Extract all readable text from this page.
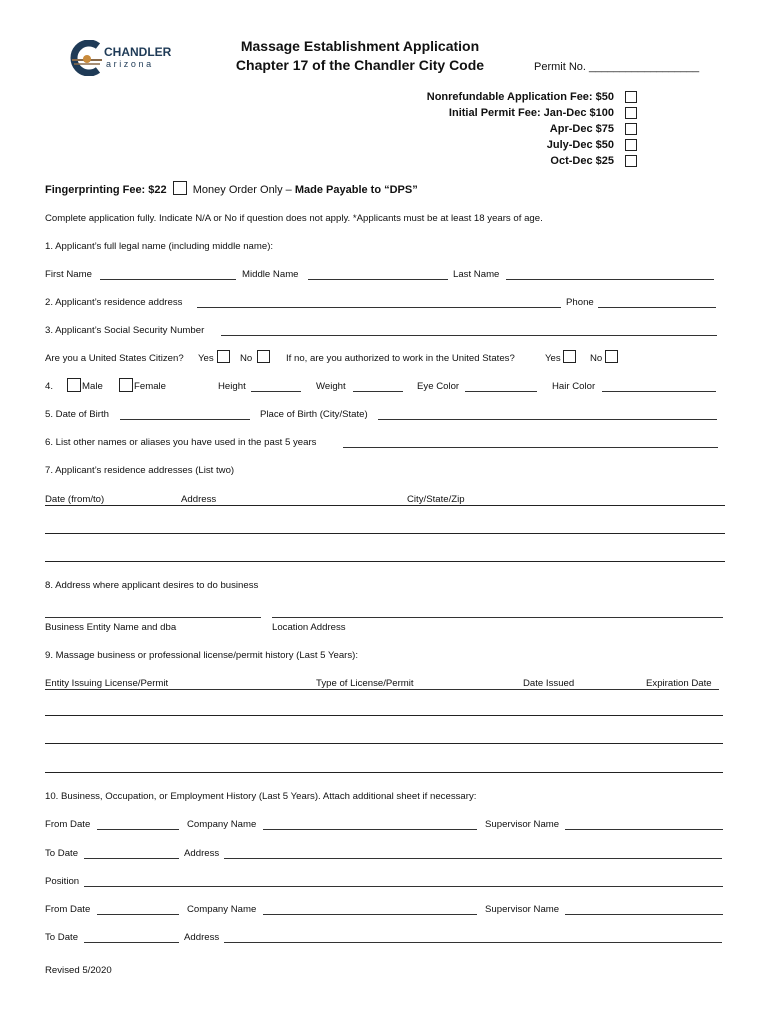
CHANDLER
arizona
Massage Establishment Application
Chapter 17 of the Chandler City Code	Permit No. __________________
Nonrefundable Application Fee: $50
Initial Permit Fee: Jan-Dec $100
Apr-Dec $75
July-Dec $50
Oct-Dec $25
Fingerprinting Fee: $22 Money Order Only – Made Payable to “DPS”
Complete application fully. Indicate N/A or No if question does not apply. *Applicants must be at least 18 years of age.
1. Applicant’s full legal name (including middle name):
First Name	Middle Name	Last Name
2. Applicant’s residence address	Phone
3. Applicant’s Social Security Number
Are you a United States Citizen? Yes	No	If no, are you authorized to work in the United States?	Yes	No
4.	Male	Female	Height	Weight	Eye Color	Hair Color
5. Date of Birth	Place of Birth (City/State)
6. List other names or aliases you have used in the past 5 years
7. Applicant’s residence addresses (List two)
Date (from/to)	Address	City/State/Zip
8. Address where applicant desires to do business
Business Entity Name and dba	Location Address
9. Massage business or professional license/permit history (Last 5 Years):
Entity Issuing License/Permit	Type of License/Permit	Date Issued	Expiration Date
10. Business, Occupation, or Employment History (Last 5 Years). Attach additional sheet if necessary:
From Date	Company Name	Supervisor Name
To Date	Address
Position
From Date	Company Name	Supervisor Name
To Date	Address
Revised 5/2020
